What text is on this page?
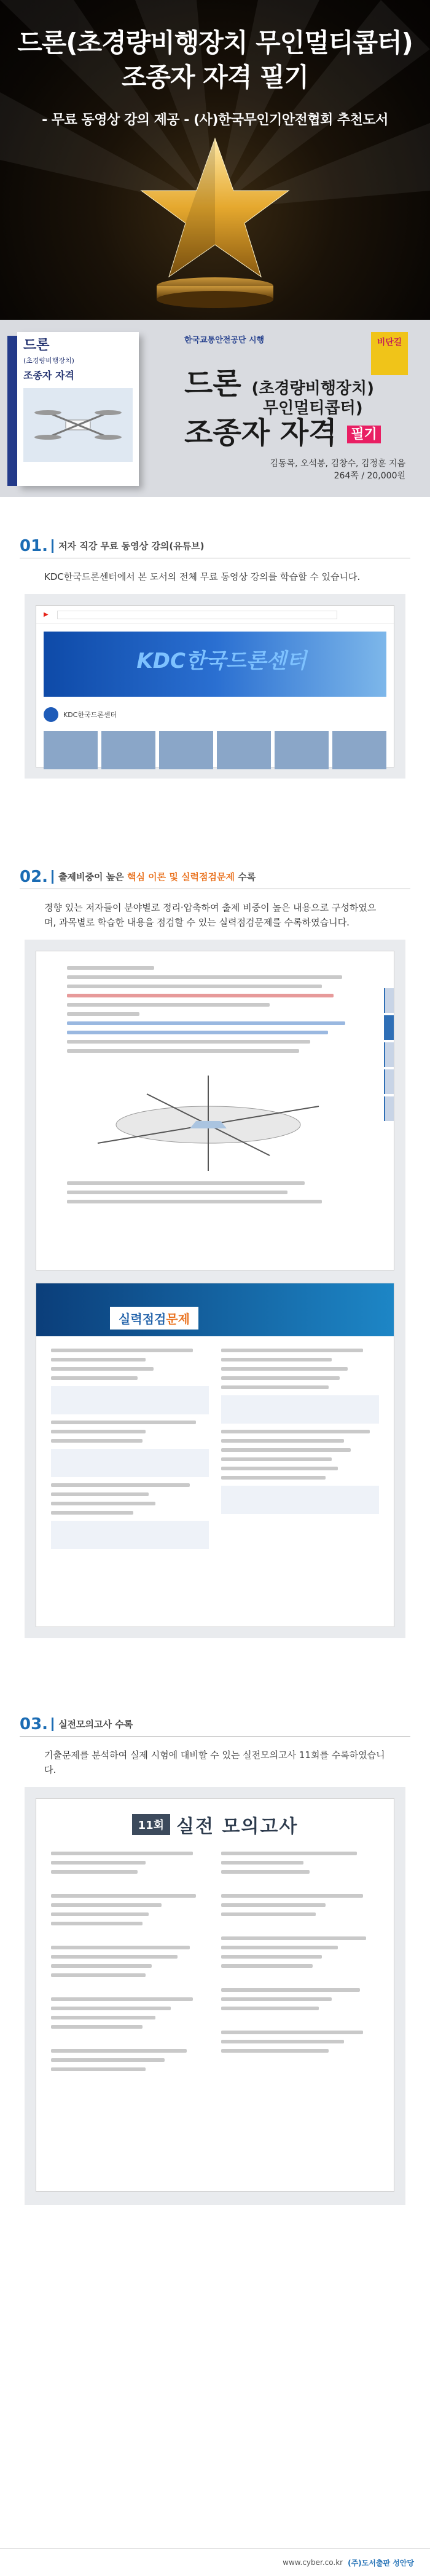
드론(초경량비행장치 무인멀티콥터)
조종자 자격 필기
- 무료 동영상 강의 제공 - (사)한국무인기안전협회 추천도서
드론
(초경량비행장치)
조종자 자격
한국교통안전공단 시행	비단길
드론 (초경량비행장치)
무인멀티콥터)
조종자 자격 필기
김동목, 오석봉, 김창수, 김정훈 지음
264쪽 / 20,000원
01. 저자 직강 무료 동영상 강의(유튜브)
KDC한국드론센터에서 본 도서의 전체 무료 동영상 강의를 학습할 수 있습니다.
▶
KDC한국드론센터
KDC한국드론센터
02. 출제비중이 높은 핵심 이론 및 실력점검문제 수록
경향 있는 저자들이 분야별로 정리·압축하여 출제 비중이 높은 내용으로 구성하였으며, 과목별로 학습한 내용을 점검할 수 있는 실력점검문제를 수록하였습니다.
실력점검문제
03. 실전모의고사 수록
기출문제를 분석하여 실제 시험에 대비할 수 있는 실전모의고사 11회를 수록하였습니다.
11회 실전 모의고사
www.cyber.co.kr (주)도서출판 성안당
